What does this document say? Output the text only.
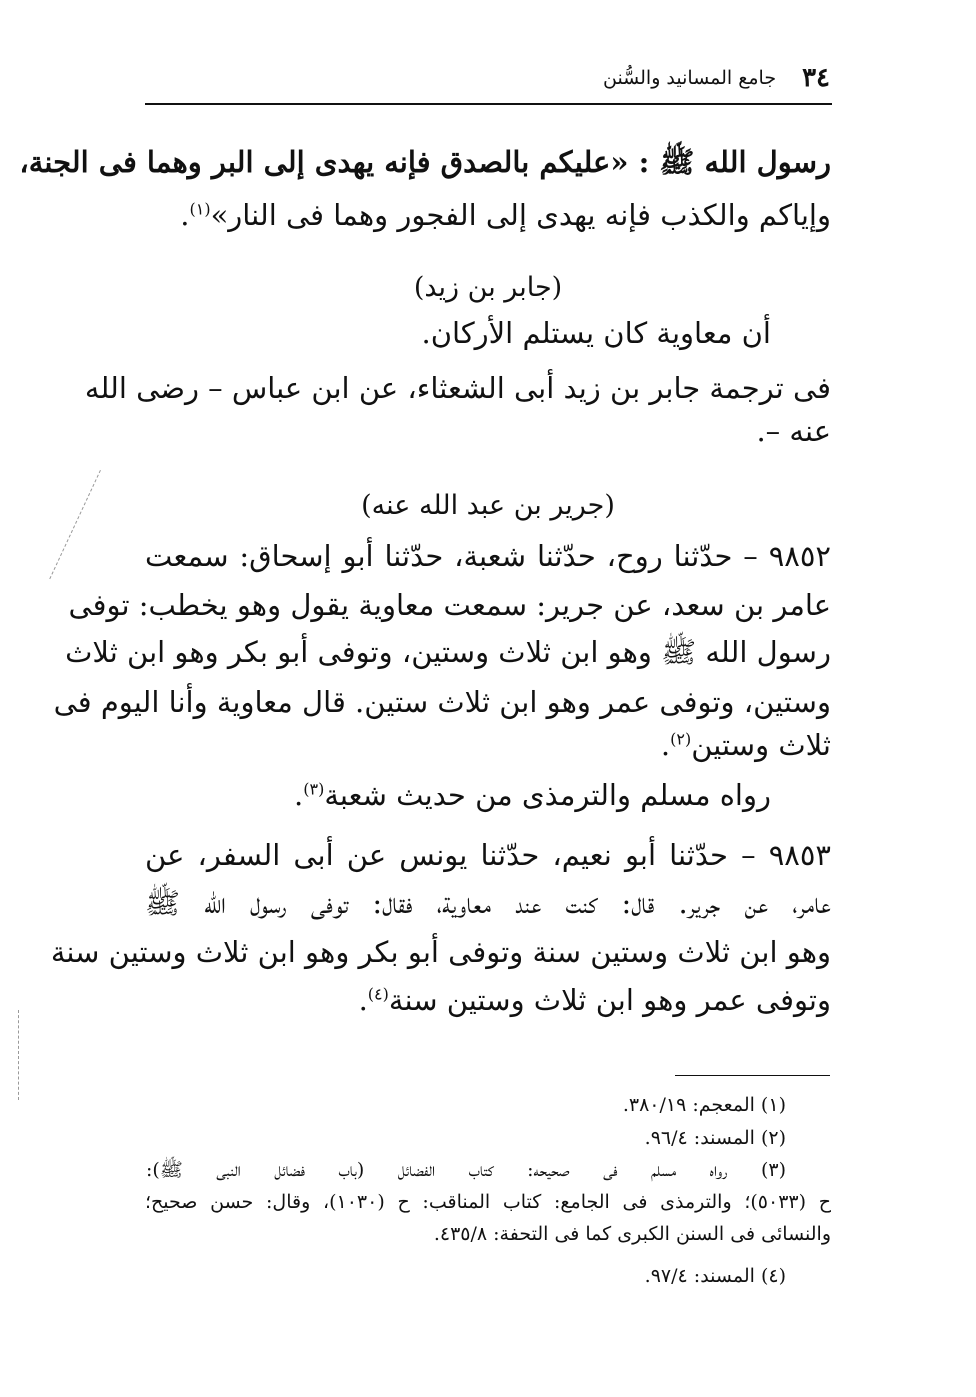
٣٤
جامع المسانيد والسُّنن
رسول الله ﷺ : «عليكم بالصدق فإنه يهدى إلى البر وهما فى الجنة،
وإياكم والكذب فإنه يهدى إلى الفجور وهما فى النار»$^{(١)}$.
(جابر بن زيد)
أن معاوية كان يستلم الأركان.
فى ترجمة جابر بن زيد أبى الشعثاء، عن ابن عباس – رضى الله
عنه –.
(جرير بن عبد الله عنه)
٩٨٥٢ – حدّثنا روح، حدّثنا شعبة، حدّثنا أبو إسحاق: سمعت
عامر بن سعد، عن جرير: سمعت معاوية يقول وهو يخطب: توفى
رسول الله ﷺ وهو ابن ثلاث وستين، وتوفى أبو بكر وهو ابن ثلاث
وستين، وتوفى عمر وهو ابن ثلاث ستين. قال معاوية وأنا اليوم فى
ثلاث وستين$^{(٢)}$.
رواه مسلم والترمذى من حديث شعبة$^{(٣)}$.
٩٨٥٣ – حدّثنا أبو نعيم، حدّثنا يونس عن أبى السفر، عن
عامر، عن جرير. قال: كنت عند معاوية، فقال: توفى رسول الله ﷺ
وهو ابن ثلاث وستين سنة وتوفى أبو بكر وهو ابن ثلاث وستين سنة
وتوفى عمر وهو ابن ثلاث وستين سنة$^{(٤)}$.
(١) المعجم: ٣٨٠/١٩.
(٢) المسند: ٩٦/٤.
(٣) رواه مسلم فى صحيحه: كتاب الفضائل (باب فضائل النبى ﷺ):
ح (٥٠٣٣)؛ والترمذى فى الجامع: كتاب المناقب: ح (١٠٣٠)، وقال: حسن صحيح؛
والنسائى فى السنن الكبرى كما فى التحفة: ٤٣٥/٨.
(٤) المسند: ٩٧/٤.
